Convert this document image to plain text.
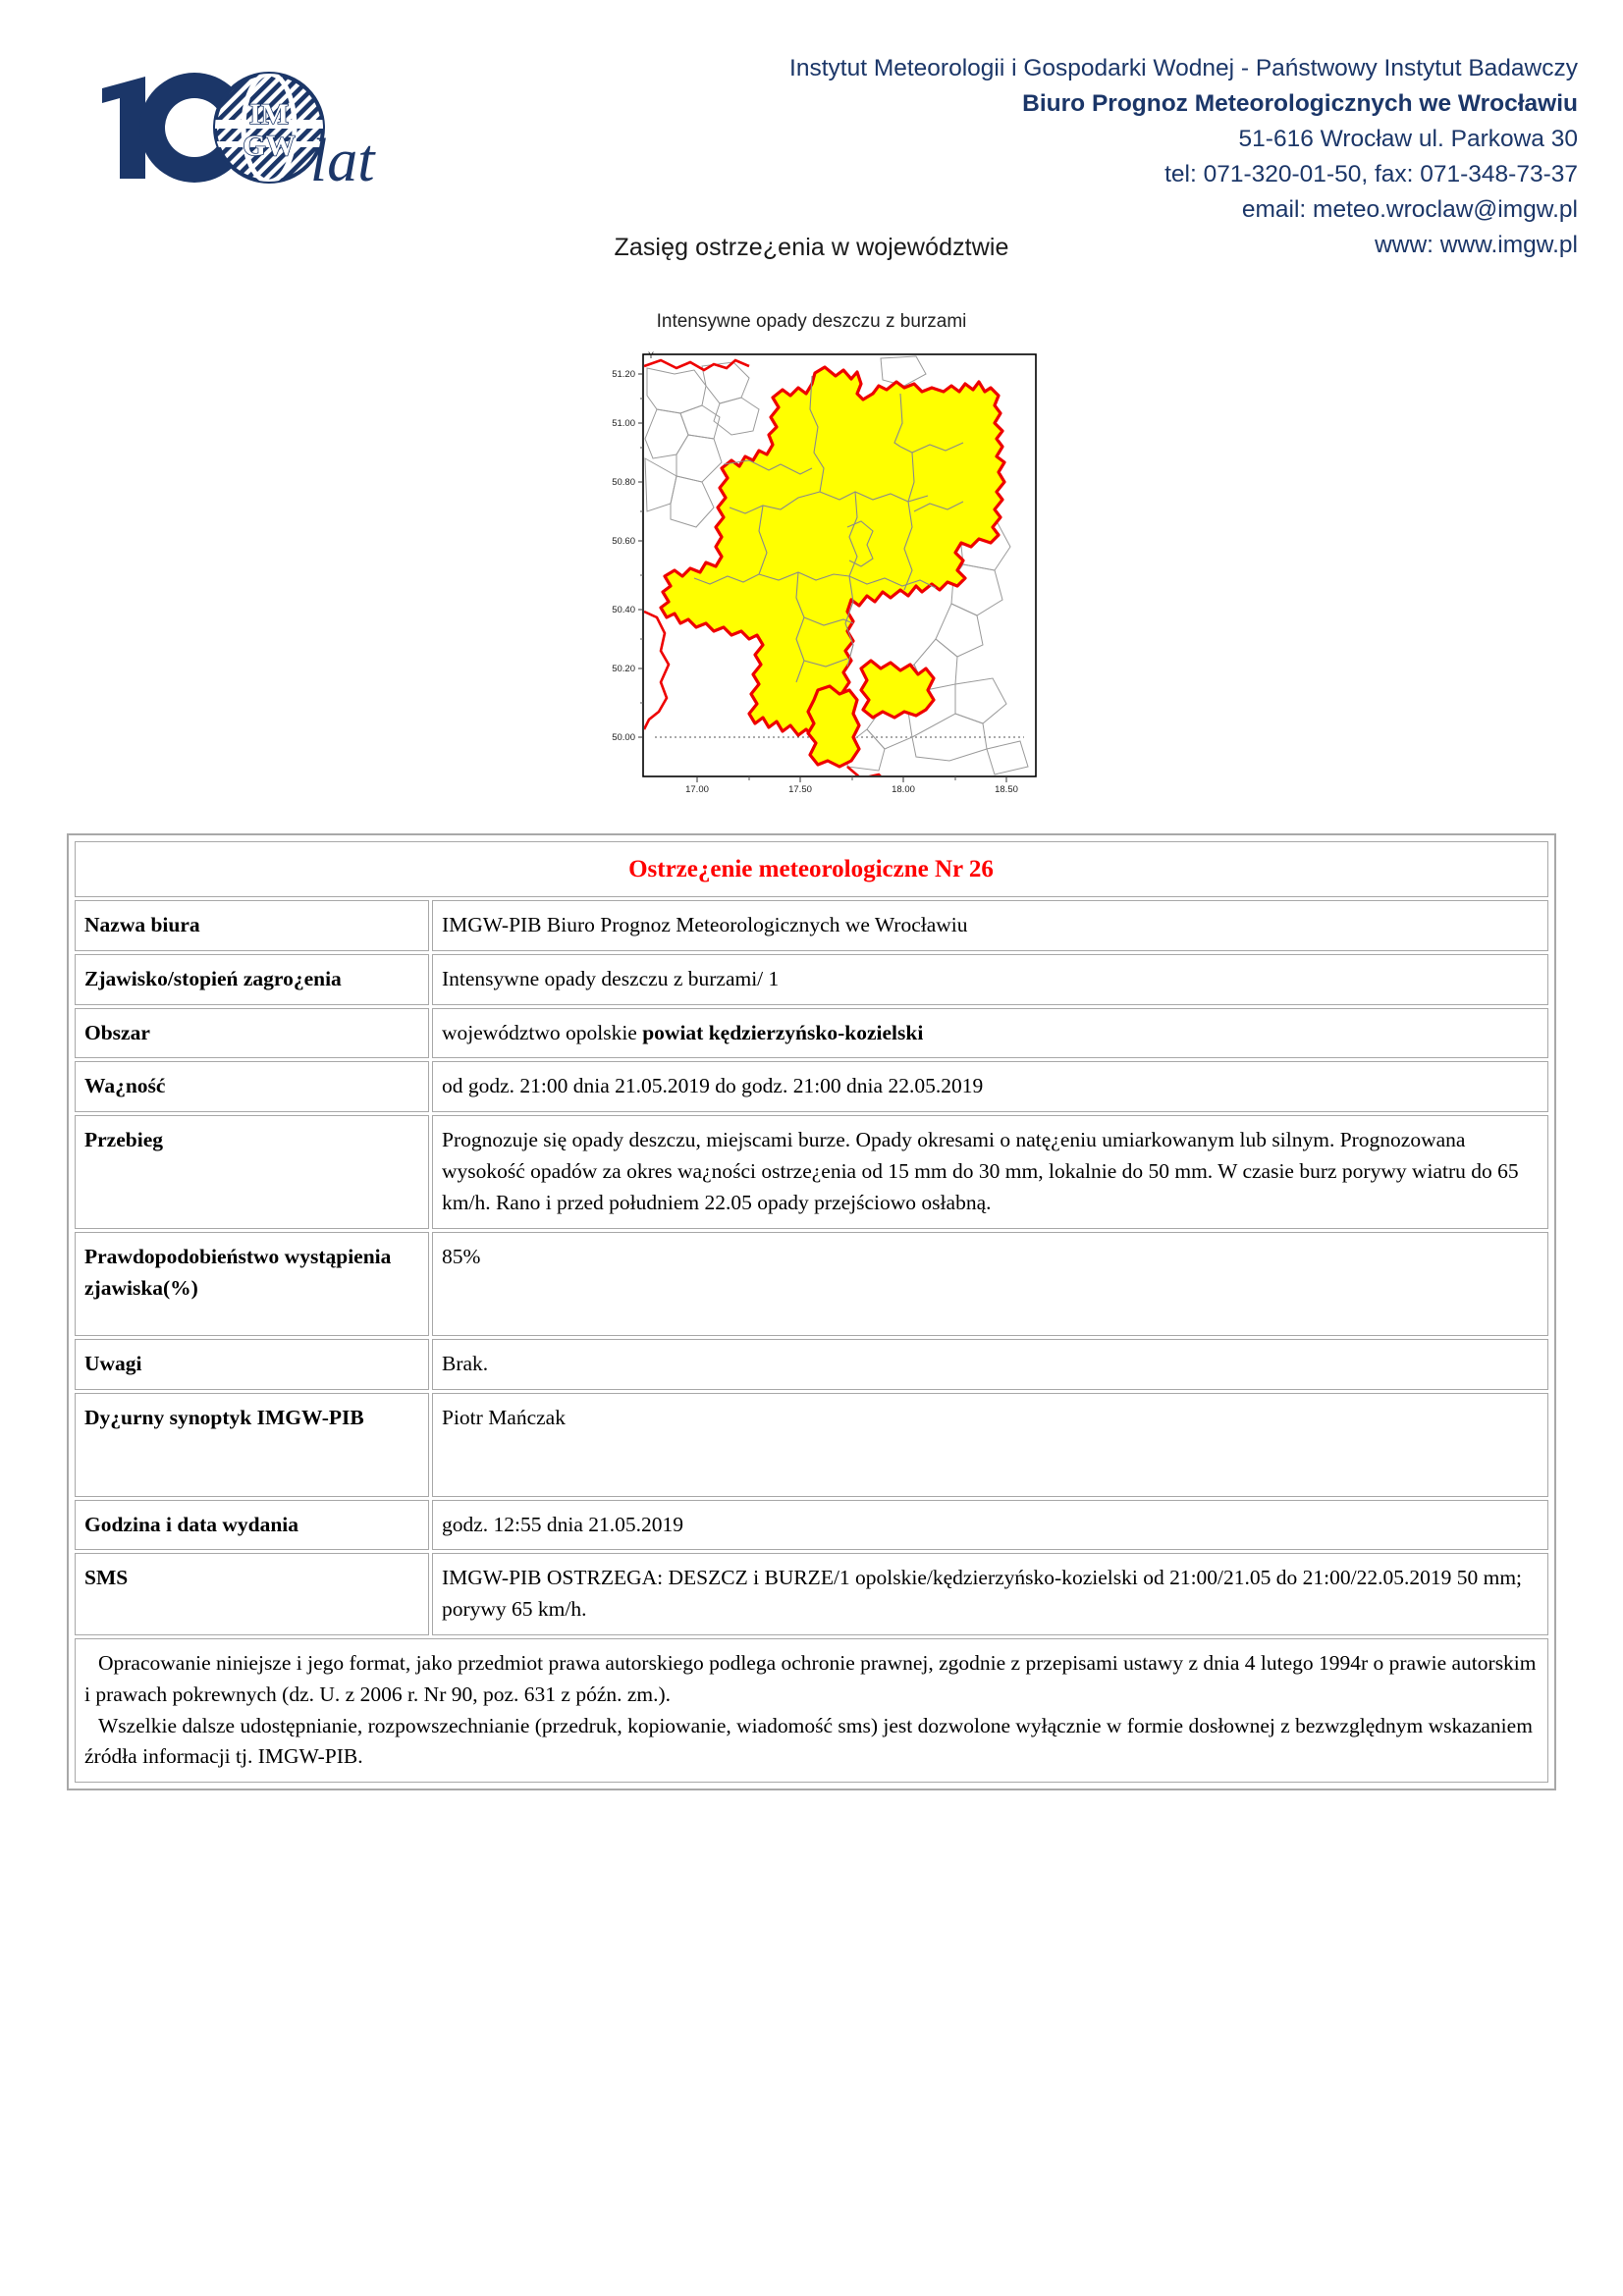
IM
GW lat
Instytut Meteorologii i Gospodarki Wodnej - Państwowy Instytut Badawczy
Biuro Prognoz Meteorologicznych we Wrocławiu
51-616 Wrocław ul. Parkowa 30
tel: 071-320-01-50, fax: 071-348-73-37
email: meteo.wroclaw@imgw.pl
www: www.imgw.pl
Zasięg ostrze¿enia w województwie
Intensywne opady deszczu z burzami
51.20
51.00
50.80
50.60
50.40
50.20
50.00
Y
17.00	17.50	18.00	18.50
Ostrze¿enie meteorologiczne Nr 26	
Nazwa biura	IMGW-PIB Biuro Prognoz Meteorologicznych we Wrocławiu
Zjawisko/stopień zagro¿enia	Intensywne opady deszczu z burzami/ 1
Obszar	województwo opolskie powiat kędzierzyńsko-kozielski
Wa¿ność	od godz. 21:00 dnia 21.05.2019 do godz. 21:00 dnia 22.05.2019
Przebieg	Prognozuje się opady deszczu, miejscami burze. Opady okresami o natę¿eniu umiarkowanym lub silnym. Prognozowana wysokość opadów za okres wa¿ności ostrze¿enia od 15 mm do 30 mm, lokalnie do 50 mm. W czasie burz porywy wiatru do 65 km/h. Rano i przed południem 22.05 opady przejściowo osłabną.
Prawdopodobieństwo wystąpienia zjawiska(%)	85%
Uwagi	Brak.
Dy¿urny synoptyk IMGW-PIB	Piotr Mańczak
Godzina i data wydania	godz. 12:55 dnia 21.05.2019
SMS	IMGW-PIB OSTRZEGA: DESZCZ i BURZE/1 opolskie/kędzierzyńsko-kozielski od 21:00/21.05 do 21:00/22.05.2019 50 mm; porywy 65 km/h.

Opracowanie niniejsze i jego format, jako przedmiot prawa autorskiego podlega ochronie prawnej, zgodnie z przepisami ustawy z dnia 4 lutego 1994r o prawie autorskim i prawach pokrewnych (dz. U. z 2006 r. Nr 90, poz. 631 z późn. zm.).

Wszelkie dalsze udostępnianie, rozpowszechnianie (przedruk, kopiowanie, wiadomość sms) jest dozwolone wyłącznie w formie dosłownej z bezwzględnym wskazaniem źródła informacji tj. IMGW-PIB.	
